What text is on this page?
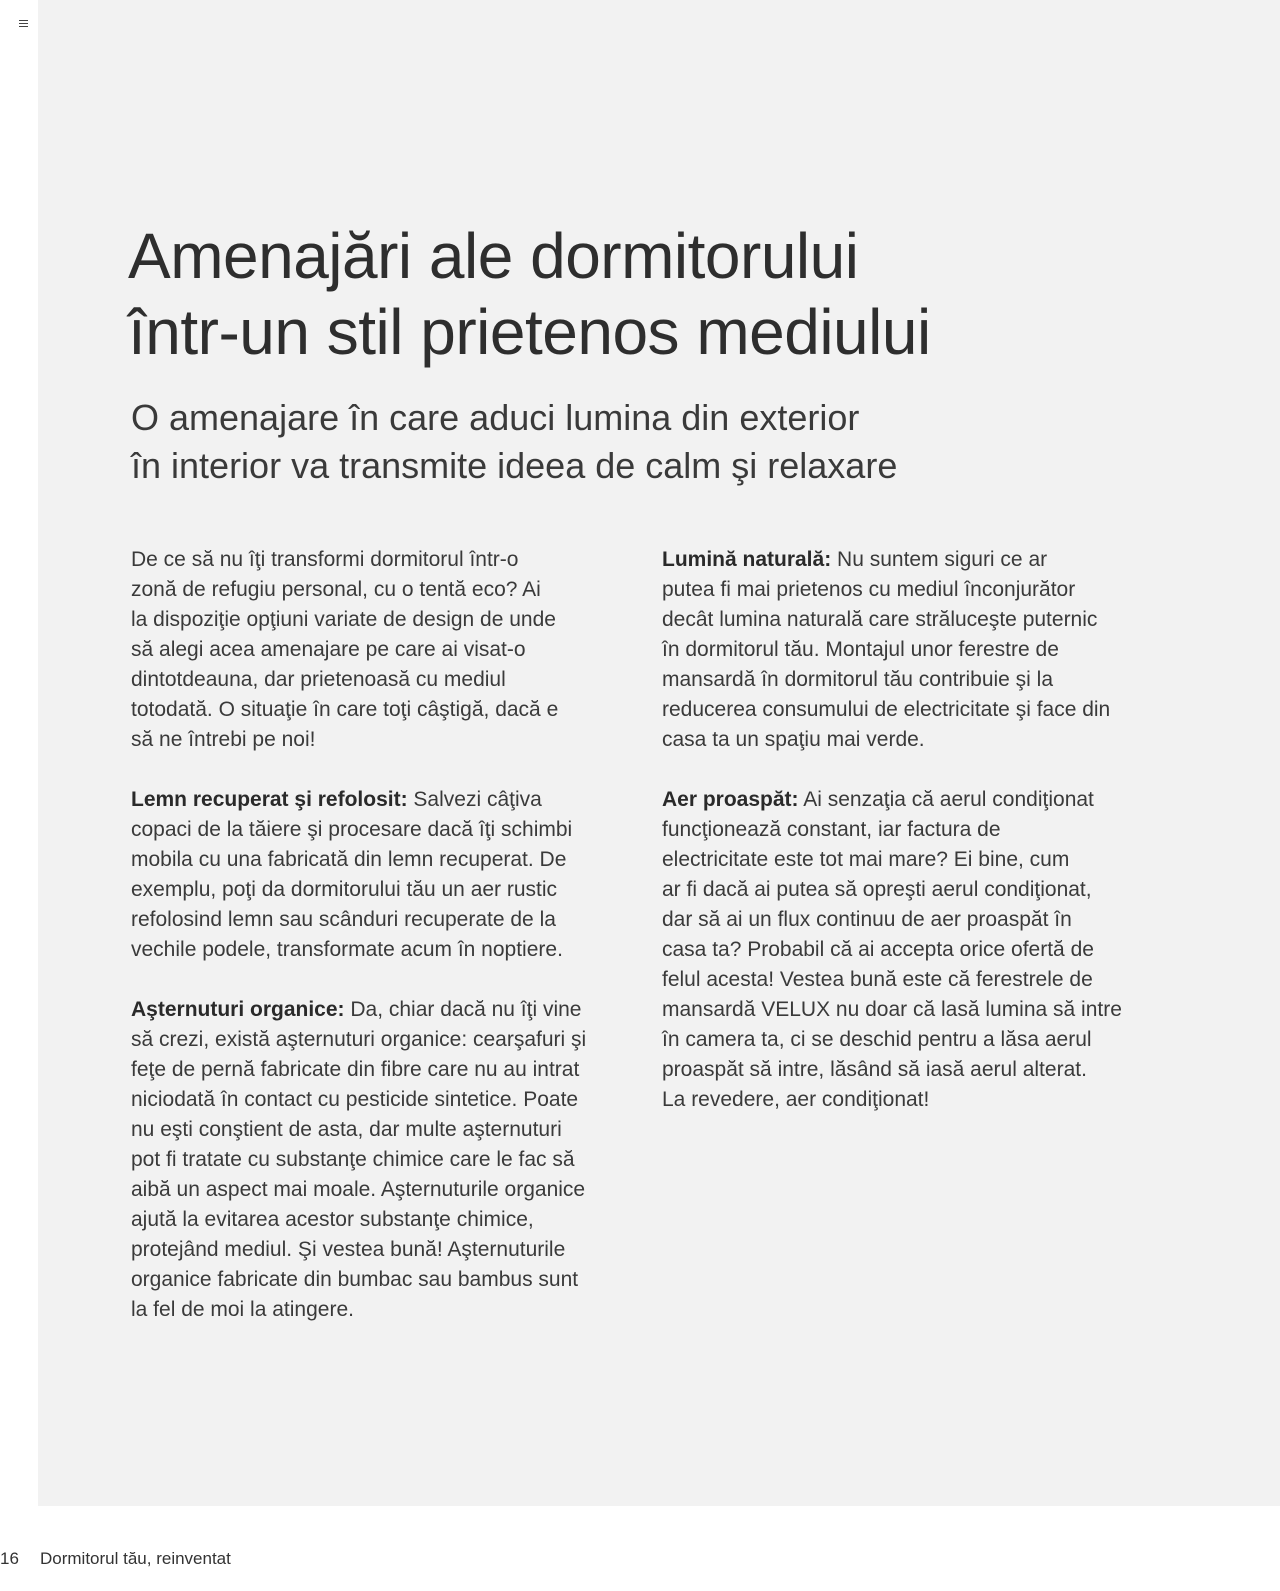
Amenajări ale dormitorului
într-un stil prietenos mediului
O amenajare în care aduci lumina din exterior
în interior va transmite ideea de calm şi relaxare

De ce să nu îţi transformi dormitorul într-o
zonă de refugiu personal, cu o tentă eco? Ai
la dispoziţie opţiuni variate de design de unde
să alegi acea amenajare pe care ai visat-o
dintotdeauna, dar prietenoasă cu mediul
totodată. O situaţie în care toţi câştigă, dacă e
să ne întrebi pe noi!

Lemn recuperat şi refolosit: Salvezi câţiva
copaci de la tăiere şi procesare dacă îţi schimbi
mobila cu una fabricată din lemn recuperat. De
exemplu, poţi da dormitorului tău un aer rustic
refolosind lemn sau scânduri recuperate de la
vechile podele, transformate acum în noptiere.

Aşternuturi organice: Da, chiar dacă nu îţi vine
să crezi, există aşternuturi organice: cearşafuri şi
feţe de pernă fabricate din fibre care nu au intrat
niciodată în contact cu pesticide sintetice. Poate
nu eşti conştient de asta, dar multe aşternuturi
pot fi tratate cu substanţe chimice care le fac să
aibă un aspect mai moale. Aşternuturile organice
ajută la evitarea acestor substanţe chimice,
protejând mediul. Şi vestea bună! Aşternuturile
organice fabricate din bumbac sau bambus sunt
la fel de moi la atingere.

Lumină naturală: Nu suntem siguri ce ar
putea fi mai prietenos cu mediul înconjurător
decât lumina naturală care străluceşte puternic
în dormitorul tău. Montajul unor ferestre de
mansardă în dormitorul tău contribuie şi la
reducerea consumului de electricitate şi face din
casa ta un spaţiu mai verde.

Aer proaspăt: Ai senzaţia că aerul condiţionat
funcţionează constant, iar factura de
electricitate este tot mai mare? Ei bine, cum
ar fi dacă ai putea să opreşti aerul condiţionat,
dar să ai un flux continuu de aer proaspăt în
casa ta? Probabil că ai accepta orice ofertă de
felul acesta! Vestea bună este că ferestrele de
mansardă VELUX nu doar că lasă lumina să intre
în camera ta, ci se deschid pentru a lăsa aerul
proaspăt să intre, lăsând să iasă aerul alterat.
La revedere, aer condiţionat!

16 Dormitorul tău, reinventat
